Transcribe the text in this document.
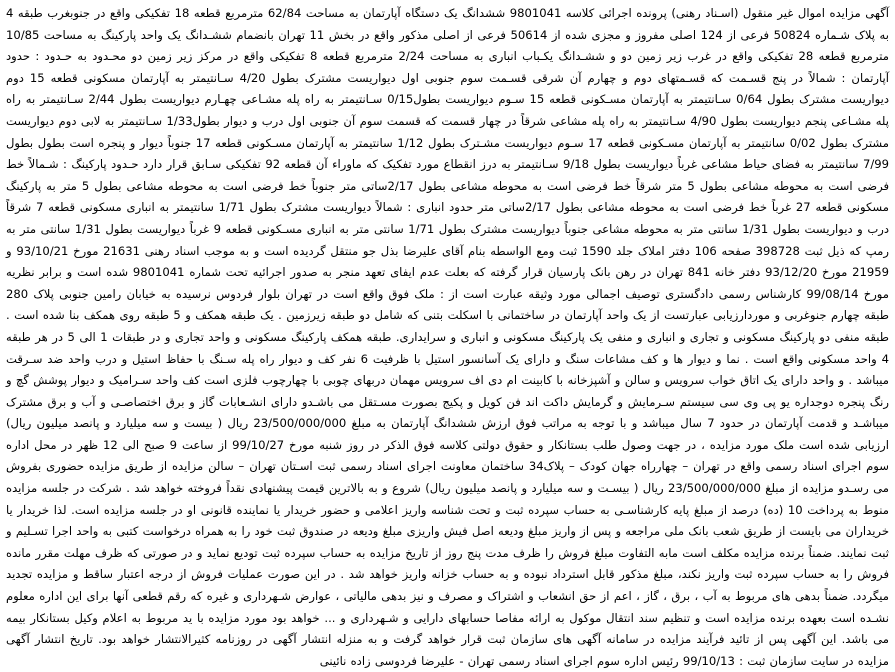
آگهی مزایده اموال غیر منقول (اسـناد رهنی) پرونده اجرائی کلاسه 9801041 ششدانگ یک دستگاه آپارتمان به مساحت 62/84 مترمربع قطعه 18 تفکیکی واقع در جنوبغرب طبقه 4 به پلاک شـماره 50824 فرعی از 124 اصلی مفروز و مجزی شده از 50614 فرعی از اصلی مذکور واقع در بخش 11 تهران بانضمام ششـدانگ یک واحد پارکینگ به مساحت 10/85 مترمربع قطعه 28 تفکیکی واقع در غرب زیر زمین دو و ششـدانگ یکـباب انباری به مساحت 2/24 مترمربع قطعه 8 تفکیکی واقع در مرکز زیر زمین دو محـدود به حـدود : حدود آپارتمان : شمالاً در پنج قسـمت که قسـمتهای دوم و چهارم آن شرقی قسـمت سوم جنوبی اول دیواریست مشترک بطول 4/20 سـانتیمتر به آپارتمان مسکونی قطعه 15 دوم دیواریست مشترک بطول 0/64 سـانتیمتر به آپارتمان مسـکونی قطعه 15 سـوم دیواریست بطول0/15 سـانتیمتر به راه پله مشـاعی چهـارم دیواریست بطول 2/44 سـانتیمتر به راه پله مشـاعی پنجم دیواریست بطول 4/90 سـانتیمتر به راه پله مشاعی شرقاً در چهار قسمت که قسمت سوم آن جنوبی اول درب و دیوار بطول1/33 سـانتیمتر به لابی دوم دیواریست مشترک بطول 0/02 سانتیمتر به آپارتمان مسـکونی قطعه 17 سـوم دیواریست مشـترک بطول 1/12 سانتیمتر به آپارتمان مسـکونی قطعه 17 جنوباً دیوار و پنجره است بطول بطول 7/99 سانتیمتر به فضای حیاط مشاعی غرباً دیواریست بطول 9/18 سـانتیمتر به درز انقطاع مورد تفکیک که ماوراء آن قطعه 92 تفکیکی سـابق قرار دارد حـدود پارکینگ : شـمالاً خط فرضی است به محوطه مشاعی بطول 5 متر شرقاً خط فرضی است به محوطه مشاعی بطول 2/17ساتی متر جنوباً خط فرضی است به محوطه مشاعی بطول 5 متر به پارکینگ مسکونی قطعه 27 غرباً خط فرضی است به محوطه مشاعی بطول 2/17ساتی متر حدود انباری : شمالاً دیواریست مشترک بطول 1/71 سانتیمتر به انباری مسکونی قطعه 7 شرقاً درب و دیواریست بطول 1/31 سانتی متر به محوطه مشاعی جنوباً دیواریست مشترک بطول 1/71 سانتی متر به انباری مسـکونی قطعه 9 غرباً دیواریست بطول 1/31 سانتی متر به رمپ که ذیل ثبت 398728 صفحه 106 دفتر املاک جلد 1590 ثبت ومع الواسطه بنام آقای علیرضا بذل جو منتقل گردیده است و به موجب اسناد رهنی 21631 مورخ 93/10/21 و 21959 مورخ 93/12/20 دفتر خانه 841 تهران در رهن بانک پارسیان قرار گرفته که بعلت عدم ایفای تعهد منجر به صدور اجرائیه تحت شماره 9801041 شده است و برابر نظریه مورخ 99/08/14 کارشناس رسمی دادگستری توصیف اجمالی مورد وثیقه عبارت است از : ملک فوق واقع است در تهران بلوار فردوس نرسیده به خیابان رامین جنوبی پلاک 280 طبقه چهارم جنوغربی و موردارزیابی عبارتست از یک واحد آپارتمان در ساختمانی با اسکلت بتنی که شامل دو طبقه زیرزمین . یک طبقه همکف و 5 طبقه روی همکف بنا شده است . طبقه منفی دو پارکینگ مسکونی و تجاری و انباری و منفی یک پارکینگ مسکونی و انباری و سرایداری. طبقه همکف پارکینگ مسکونی و واحد تجاری و در طبقات 1 الی 5 در هر طبقه 4 واحد مسکونی واقع است . نما و دیوار ها و کف مشاعات سنگ و دارای یک آسانسور استیل با ظرفیت 6 نفر کف و دیوار راه پله سـنگ با حفاظ استیل و درب واحد ضد سـرقت میباشد . و واحد دارای یک اتاق خواب سرویس و سالن و آشپزخانه با کابینت ام دی اف سرویس مهمان دربهای چوبی با چهارچوب فلزی است کف واحد سـرامیک و دیوار پوشش گچ و رنگ پنجره دوجداره یو پی وی سی سیستم سـرمایش و گرمایش داکت اند فن کویل و پکیج بصورت مسـتقل می باشـدو دارای انشـعابات گاز و برق اختصاصـی و آب و برق مشترک میباشـد و قدمت آپارتمان در حدود 7 سال میباشد و با توجه به مراتب فوق ارزش ششدانگ آپارتمان به مبلغ 23/500/000/000 ریال ( بیست و سه میلیارد و پانصد میلیون ریال) ارزیابی شده است ملک مورد مزایده ، در جهت وصول طلب بستانکار و حقوق دولتی کلاسه فوق الذکر در روز شنبه مورخ 99/10/27 از ساعت 9 صبح الی 12 ظهر در محل اداره سوم اجرای اسناد رسمی واقع در تهران – چهارراه جهان کودک – پلاک34 ساختمان معاونت اجرای اسناد رسمی ثبت اسـتان تهران – سالن مزایده از طریق مزایده حضوری بفروش می رسـدو مزایده از مبلغ 23/500/000/000 ریال ( بیسـت و سه میلیارد و پانصد میلیون ریال) شروع و به بالاترین قیمت پیشنهادی نقداً فروخته خواهد شد . شرکت در جلسه مزایده منوط به پرداخت 10 (ده) درصد از مبلغ پایه کارشناسـی به حساب سپرده ثبت و تحت شناسه واریز اعلامی و حضور خریدار یا نماینده قانونی او در جلسه مزایده است. لذا خریدار یا خریداران می بایست از طریق شعب بانک ملی مراجعه و پس از واریز مبلغ ودیعه اصل فیش واریزی مبلغ ودیعه در صندوق ثبت خود را به همراه درخواست کتبی به واحد اجرا تسـلیم و ثبت نمایند. ضمناً برنده مزایده مکلف است مابه التفاوت مبلغ فروش را ظرف مدت پنج روز از تاریخ مزایده به حساب سپرده ثبت تودیع نماید و در صورتی که ظرف مهلت مقرر مانده فروش را به حساب سپرده ثبت واریز نکند، مبلغ مذکور قابل استرداد نبوده و به حساب خزانه واریز خواهد شد . در این صورت عملیات فروش از درجه اعتبار ساقط و مزایده تجدید میگردد. ضمناً بدهی های مربوط به آب ، برق ، گاز ، اعم از حق انشعاب و اشتراک و مصرف و نیز بدهی مالیاتی ، عوارض شـهرداری و غیره که رقم قطعی آنها برای این اداره معلوم نشـده است بعهده برنده مزایده است و تنظیم سند انتقال موکول به ارائه مفاصا حسابهای دارایی و شـهرداری و ... خواهد بود مورد مزایده با ید مربوط به اعلام وکیل بستانکار بیمه می باشد. این آگهی پس از تائید فرآیند مزایده در سامانه آگهی های سازمان ثبت قرار خواهد گرفت و به منزله انتشار آگهی در روزنامه کثیرالانتشار خواهد بود. تاریخ انتشار آگهی مزایده در سایت سازمان ثبت : 99/10/13 رئیس اداره سوم اجرای اسناد رسمی تهران - علیرضا فردوسی زاده نائینی
